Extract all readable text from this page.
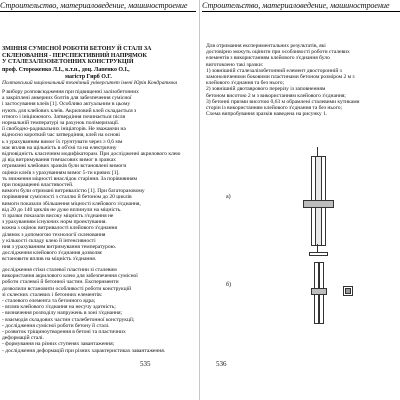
Строительство, материаловедение, машиностроение
ЗМІННЯ СУМІСНОЇ РОБОТИ БЕТОНУ Й СТАЛІ ЗА
СКЛЕЮВАННЯ - ПЕРСПЕКТИВНИЙ НАПРЯМОК
У СТАЛЕЗАЛІЗОБЕТОННИХ КОНСТРУКЦІЙ
проф. Стороженко Л.І., к.т.н., доц. Лапенко О.І.,
магістр Гирб О.Г.
Полтавський національний технічний університет імені Юрія Кондратюка
Р вибору розповсюдження при підвищенні залізобетонних
а закріплені анкерних болтів для забезпечення сумісної
і застосування клеїв [1]. Особливо актуальним в цьому
нують для клейових клеїв. Акриловий клей складається з
нтного і ініціюючого. Затвердіння починається після
нормальній температурі за рахунок полімеризації.
ії свободно-радикальних ініціаторів. Не зважаючи на
відносно короткий час затвердіння, клей на основі
ь з урахуванням вимог їх грунтувати через ≥ 0,6 мм
має вплив на щільність в об'ємі та на електричну
відповідність класичним модифікаторам. При дослідженні акрилового клею
ді від витримування тимчасових вимог в зразках
отриманні клейових зразків були встановлені вимоги
оцінки клеїв з урахуванням вимог 5-ти кривих [1].
ть зниження міцності внаслідок старіння. За порівнянням
при покращенні властивостей.
вимоги були отримані витривалістю [1]. При багаторазовому
порівняння сумісності з сталлю й бетоном до 20 циклів
вимоги показали збільшення міцності клейового з'єднання,
від 20 до 140 циклів не дуже вплинули на міцність.
ті зразки показали високу міцність з'єднання не
з урахуванням існуючих норм проектування.
кожна з оцінок витривалості клейового з'єднання
ділянок з допомогою технології склеювання
у кількості складу клею й інтенсивності
ння з урахуванням витримування температурою.
дослідження клейового з'єднання дозволяє
встановити вплив на міцність з'єднання.
дослідження стіки сталевої пластини зі сталевим
використання акрилового клею для забезпечення сумісної
роботи сталевої й бетонної частин. Експерименти
дозволили встановити особливості роботи конструкцій
зі склеєних сталевих і бетонних елементів:
- сталевого елемента та бетонного ядра;
- вплив клейового з'єднання на несучу здатність;
- визначення розподілу напружень в зоні з'єднання;
- взаємодія складових частин сталебетонної конструкції;
- дослідження сумісної роботи бетону й сталі.
- розвиток тріщиноутворення в бетоні та пластичних
деформацій сталі.
- формування на різних ступенях завантаження;
- дослідження деформацій при різних характеристиках завантаження.
535
Строительство, материаловедение, машиностроение
Для отримання експериментальних результатів, які
достовірно можуть оцінити при особливості роботи сталевих
елементів з використанням клейового з'єднання було
виготовлено такі зразки:
1) зовнішній сталезалізобетонний елемент двосторонній з
замоноличеними боковими пластинами бетоном розміром 2 м з
клейового з'єднання та без нього;
2) зовнішній двотаврового перерізу із заповненням
бетоном висотою 2 м з використанням клейового з'єднання;
3) бетонні призми висотою 0,63 м обрамлені сталевими кутиками
сторін із використанням клейового з'єднання та без нього;
Схема випробування зразків наведена на рисунку 1.
а)
б)
536
